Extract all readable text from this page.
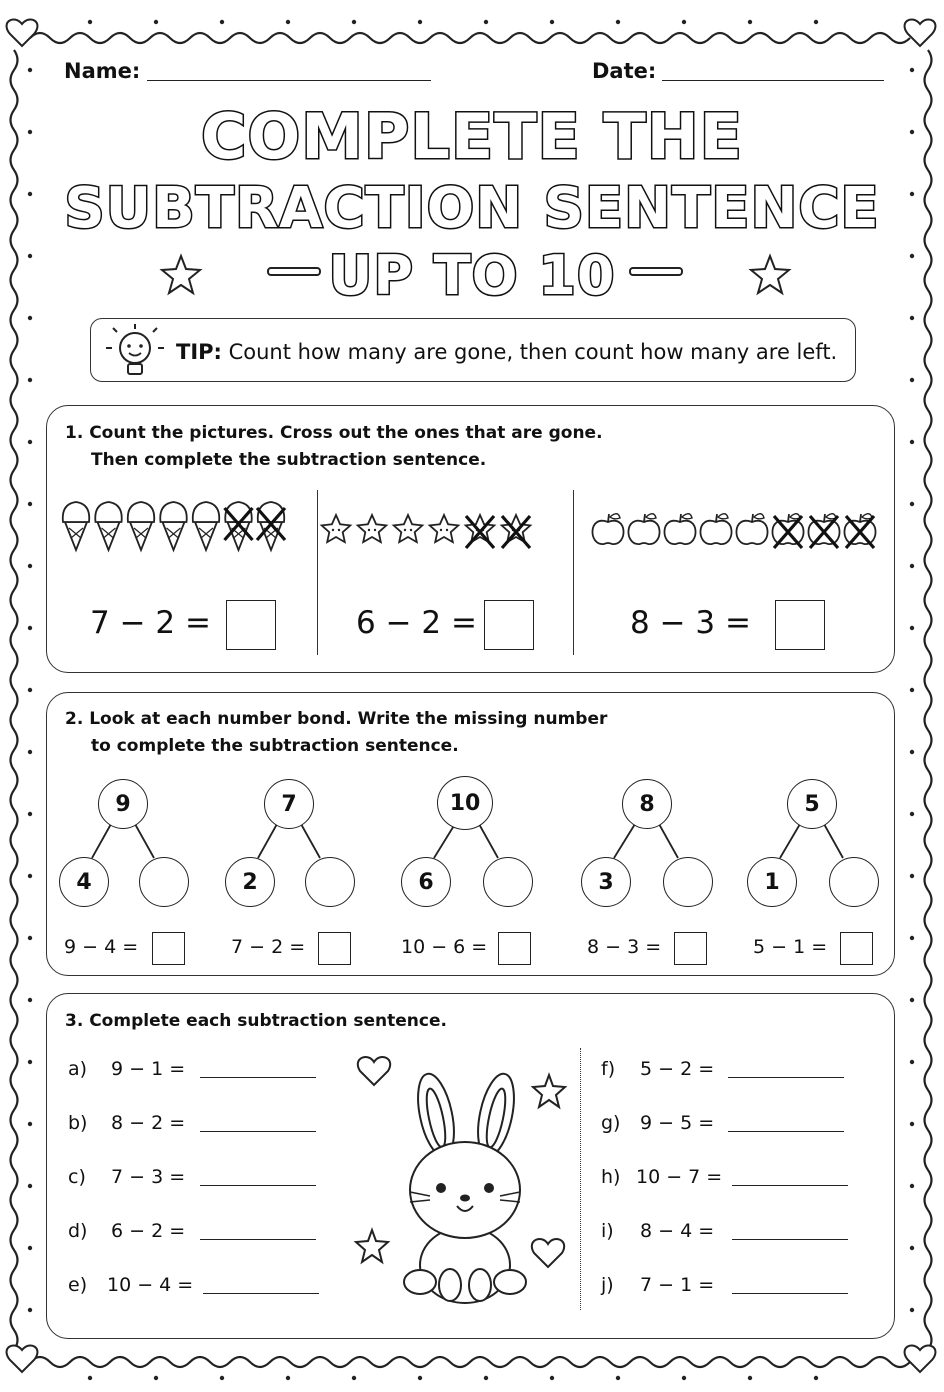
Name:	Date:
COMPLETE THE
SUBTRACTION SENTENCE
UP TO 10
TIP: Count how many are gone, then count how many are left.
1. Count the pictures. Cross out the ones that are gone.
Then complete the subtraction sentence.
7 − 2 =	6 − 2 =	8 − 3 =
2. Look at each number bond. Write the missing number
to complete the subtraction sentence.
9
4
9 − 4 =
7
2
7 − 2 =
10
6
10 − 6 =
8
3
8 − 3 =
5
1
5 − 1 =
3. Complete each subtraction sentence.
a) 9 − 1 =
b) 8 − 2 =
c) 7 − 3 =
d) 6 − 2 =
e) 10 − 4 =
f) 5 − 2 =
g) 9 − 5 =
h) 10 − 7 =
i) 8 − 4 =
j) 7 − 1 =
